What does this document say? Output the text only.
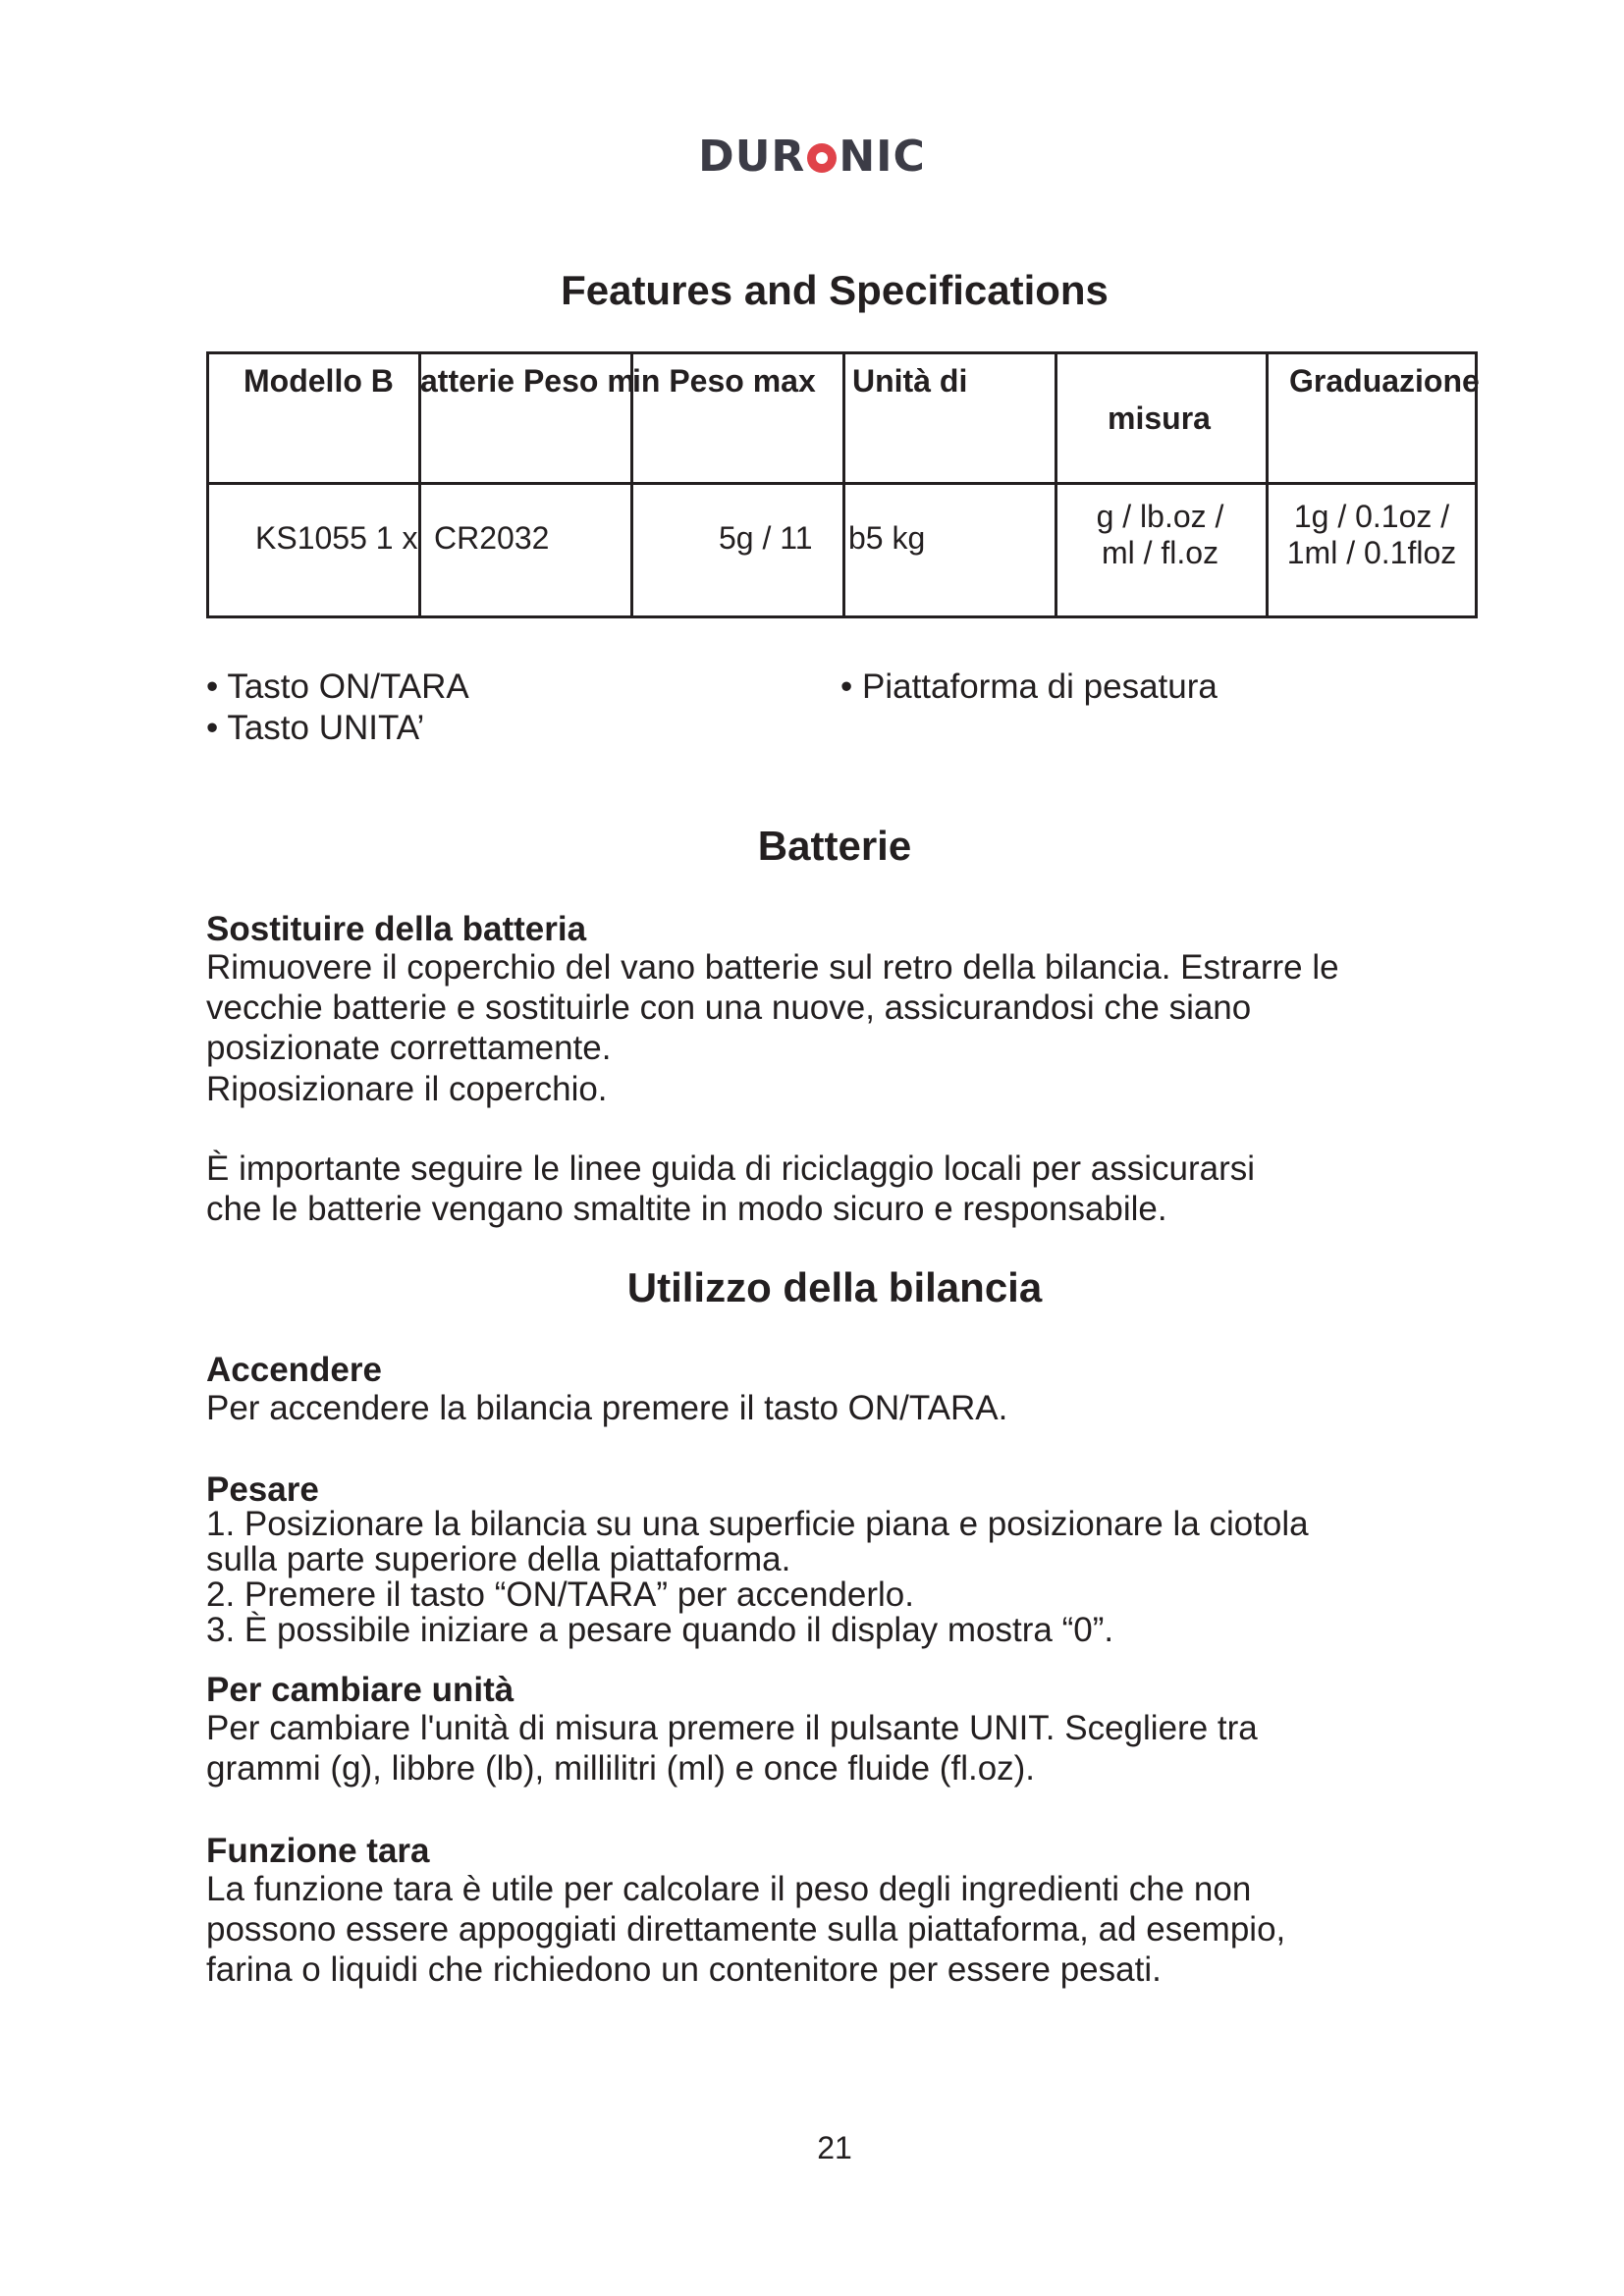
DUR NIC
Features and Specifications
Modello B atterie Peso m
in Peso max Unità di
misura
Graduazione
KS1055 1 x CR2032	5g / 11 b5 kg
g / lb.oz /
ml / fl.oz
1g / 0.1oz /
1ml / 0.1floz
• Tasto ON/TARA
• Tasto UNITA’
• Piattaforma di pesatura
Batterie
Sostituire della batteria
Rimuovere il coperchio del vano batterie sul retro della bilancia. Estrarre le
vecchie batterie e sostituirle con una nuove, assicurandosi che siano
posizionate correttamente.
Riposizionare il coperchio.
È importante seguire le linee guida di riciclaggio locali per assicurarsi
che le batterie vengano smaltite in modo sicuro e responsabile.
Utilizzo della bilancia
Accendere
Per accendere la bilancia premere il tasto ON/TARA.
Pesare
1. Posizionare la bilancia su una superficie piana e posizionare la ciotola
sulla parte superiore della piattaforma.
2. Premere il tasto “ON/TARA” per accenderlo.
3. È possibile iniziare a pesare quando il display mostra “0”.
Per cambiare unità
Per cambiare l'unità di misura premere il pulsante UNIT. Scegliere tra
grammi (g), libbre (lb), millilitri (ml) e once fluide (fl.oz).
Funzione tara
La funzione tara è utile per calcolare il peso degli ingredienti che non
possono essere appoggiati direttamente sulla piattaforma, ad esempio,
farina o liquidi che richiedono un contenitore per essere pesati.
21
